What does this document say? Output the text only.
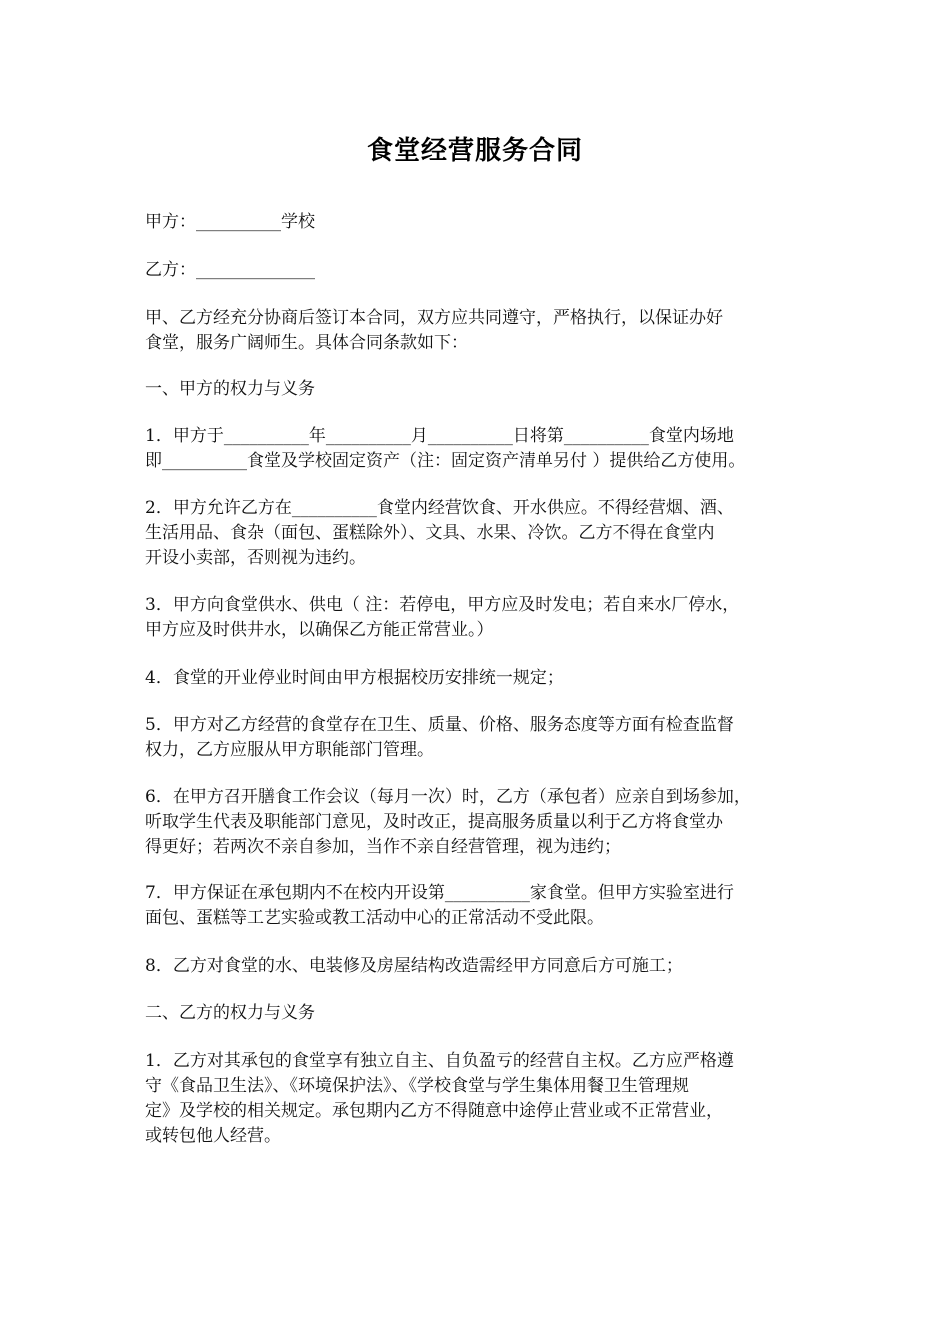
食堂经营服务合同

甲方：__________学校

乙方：______________

甲、乙方经充分协商后签订本合同，双方应共同遵守，严格执行，以保证办好
食堂，服务广阔师生。具体合同条款如下：

一、甲方的权力与义务

1．甲方于__________年__________月__________日将第__________食堂内场地
即__________食堂及学校固定资产（注：固定资产清单另付 ）提供给乙方使用。

2．甲方允许乙方在__________食堂内经营饮食、开水供应。不得经营烟、酒、
生活用品、食杂（面包、蛋糕除外）、文具、水果、冷饮。乙方不得在食堂内
开设小卖部，否则视为违约。

3．甲方向食堂供水、供电（ 注：若停电，甲方应及时发电；若自来水厂停水，
甲方应及时供井水，以确保乙方能正常营业。）

4．食堂的开业停业时间由甲方根据校历安排统一规定；

5．甲方对乙方经营的食堂存在卫生、质量、价格、服务态度等方面有检查监督
权力，乙方应服从甲方职能部门管理。

6．在甲方召开膳食工作会议（每月一次）时，乙方（承包者）应亲自到场参加，
听取学生代表及职能部门意见，及时改正，提高服务质量以利于乙方将食堂办
得更好；若两次不亲自参加，当作不亲自经营管理，视为违约；

7．甲方保证在承包期内不在校内开设第__________家食堂。但甲方实验室进行
面包、蛋糕等工艺实验或教工活动中心的正常活动不受此限。

8．乙方对食堂的水、电装修及房屋结构改造需经甲方同意后方可施工；

二、乙方的权力与义务

1．乙方对其承包的食堂享有独立自主、自负盈亏的经营自主权。乙方应严格遵
守《食品卫生法》、《环境保护法》、《学校食堂与学生集体用餐卫生管理规
定》及学校的相关规定。承包期内乙方不得随意中途停止营业或不正常营业，
或转包他人经营。
